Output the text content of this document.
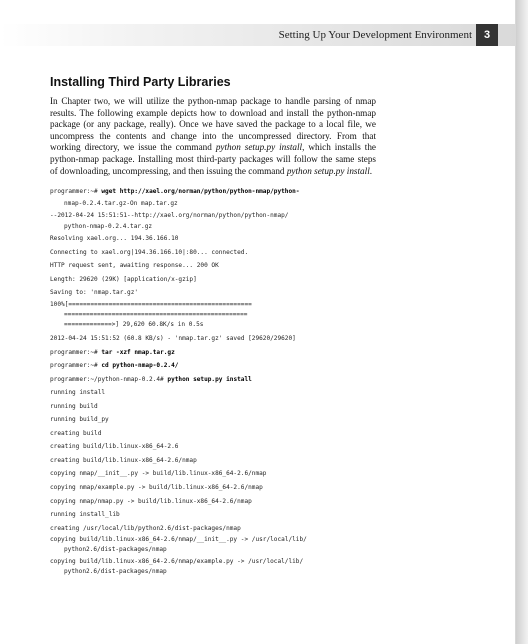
Setting Up Your Development Environment	3
Installing Third Party Libraries

In Chapter two, we will utilize the python-nmap package to handle parsing of nmap results. The following example depicts how to download and install the python-nmap package (or any package, really). Once we have saved the package to a local file, we uncompress the contents and change into the uncompressed directory. From that working directory, we issue the command python setup.py install, which installs the python-nmap package. Installing most third-party packages will follow the same steps of downloading, uncompressing, and then issuing the command python setup.py install.

programmer:~# wget http://xael.org/norman/python/python-nmap/python-
nmap-0.2.4.tar.gz-On map.tar.gz
--2012-04-24 15:51:51--http://xael.org/norman/python/python-nmap/
python-nmap-0.2.4.tar.gz
Resolving xael.org... 194.36.166.10
Connecting to xael.org|194.36.166.10|:80... connected.
HTTP request sent, awaiting response... 200 OK
Length: 29620 (29K) [application/x-gzip]
Saving to: 'nmap.tar.gz'
100%[==================================================
==================================================
=============>] 29,620 60.8K/s in 0.5s
2012-04-24 15:51:52 (60.8 KB/s) - 'nmap.tar.gz' saved [29620/29620]
programmer:~# tar -xzf nmap.tar.gz
programmer:~# cd python-nmap-0.2.4/
programmer:~/python-nmap-0.2.4# python setup.py install
running install
running build
running build_py
creating build
creating build/lib.linux-x86_64-2.6
creating build/lib.linux-x86_64-2.6/nmap
copying nmap/__init__.py -> build/lib.linux-x86_64-2.6/nmap
copying nmap/example.py -> build/lib.linux-x86_64-2.6/nmap
copying nmap/nmap.py -> build/lib.linux-x86_64-2.6/nmap
running install_lib
creating /usr/local/lib/python2.6/dist-packages/nmap
copying build/lib.linux-x86_64-2.6/nmap/__init__.py -> /usr/local/lib/
python2.6/dist-packages/nmap
copying build/lib.linux-x86_64-2.6/nmap/example.py -> /usr/local/lib/
python2.6/dist-packages/nmap
